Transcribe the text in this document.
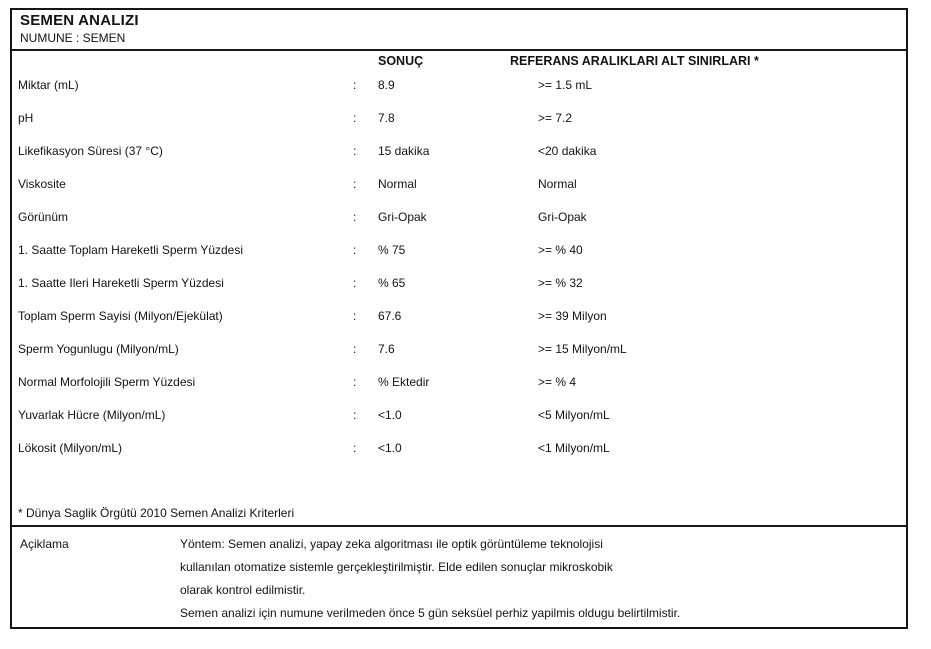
SEMEN ANALIZI
NUMUNE : SEMEN
SONUÇ	REFERANS ARALIKLARI ALT SINIRLARI *
Miktar (mL)	: 8.9	>= 1.5 mL
pH	: 7.8	>= 7.2
Likefikasyon Süresi (37 °C)	: 15 dakika	<20 dakika
Viskosite	: Normal	Normal
Görünüm	: Gri-Opak	Gri-Opak
1. Saatte Toplam Hareketli Sperm Yüzdesi	: % 75	>= % 40
1. Saatte Ileri Hareketli Sperm Yüzdesi	: % 65	>= % 32
Toplam Sperm Sayisi (Milyon/Ejekülat)	: 67.6	>= 39 Milyon
Sperm Yogunlugu (Milyon/mL)	: 7.6	>= 15 Milyon/mL
Normal Morfolojili Sperm Yüzdesi	: % Ektedir	>= % 4
Yuvarlak Hücre (Milyon/mL)	: <1.0	<5 Milyon/mL
Lökosit (Milyon/mL)	: <1.0	<1 Milyon/mL
* Dünya Saglik Örgütü 2010 Semen Analizi Kriterleri
Açiklama	Yöntem: Semen analizi, yapay zeka algoritması ile optik görüntüleme teknolojisi
kullanılan otomatize sistemle gerçekleştirilmiştir. Elde edilen sonuçlar mikroskobik
olarak kontrol edilmistir.
Semen analizi için numune verilmeden önce 5 gün seksüel perhiz yapilmis oldugu belirtilmistir.
